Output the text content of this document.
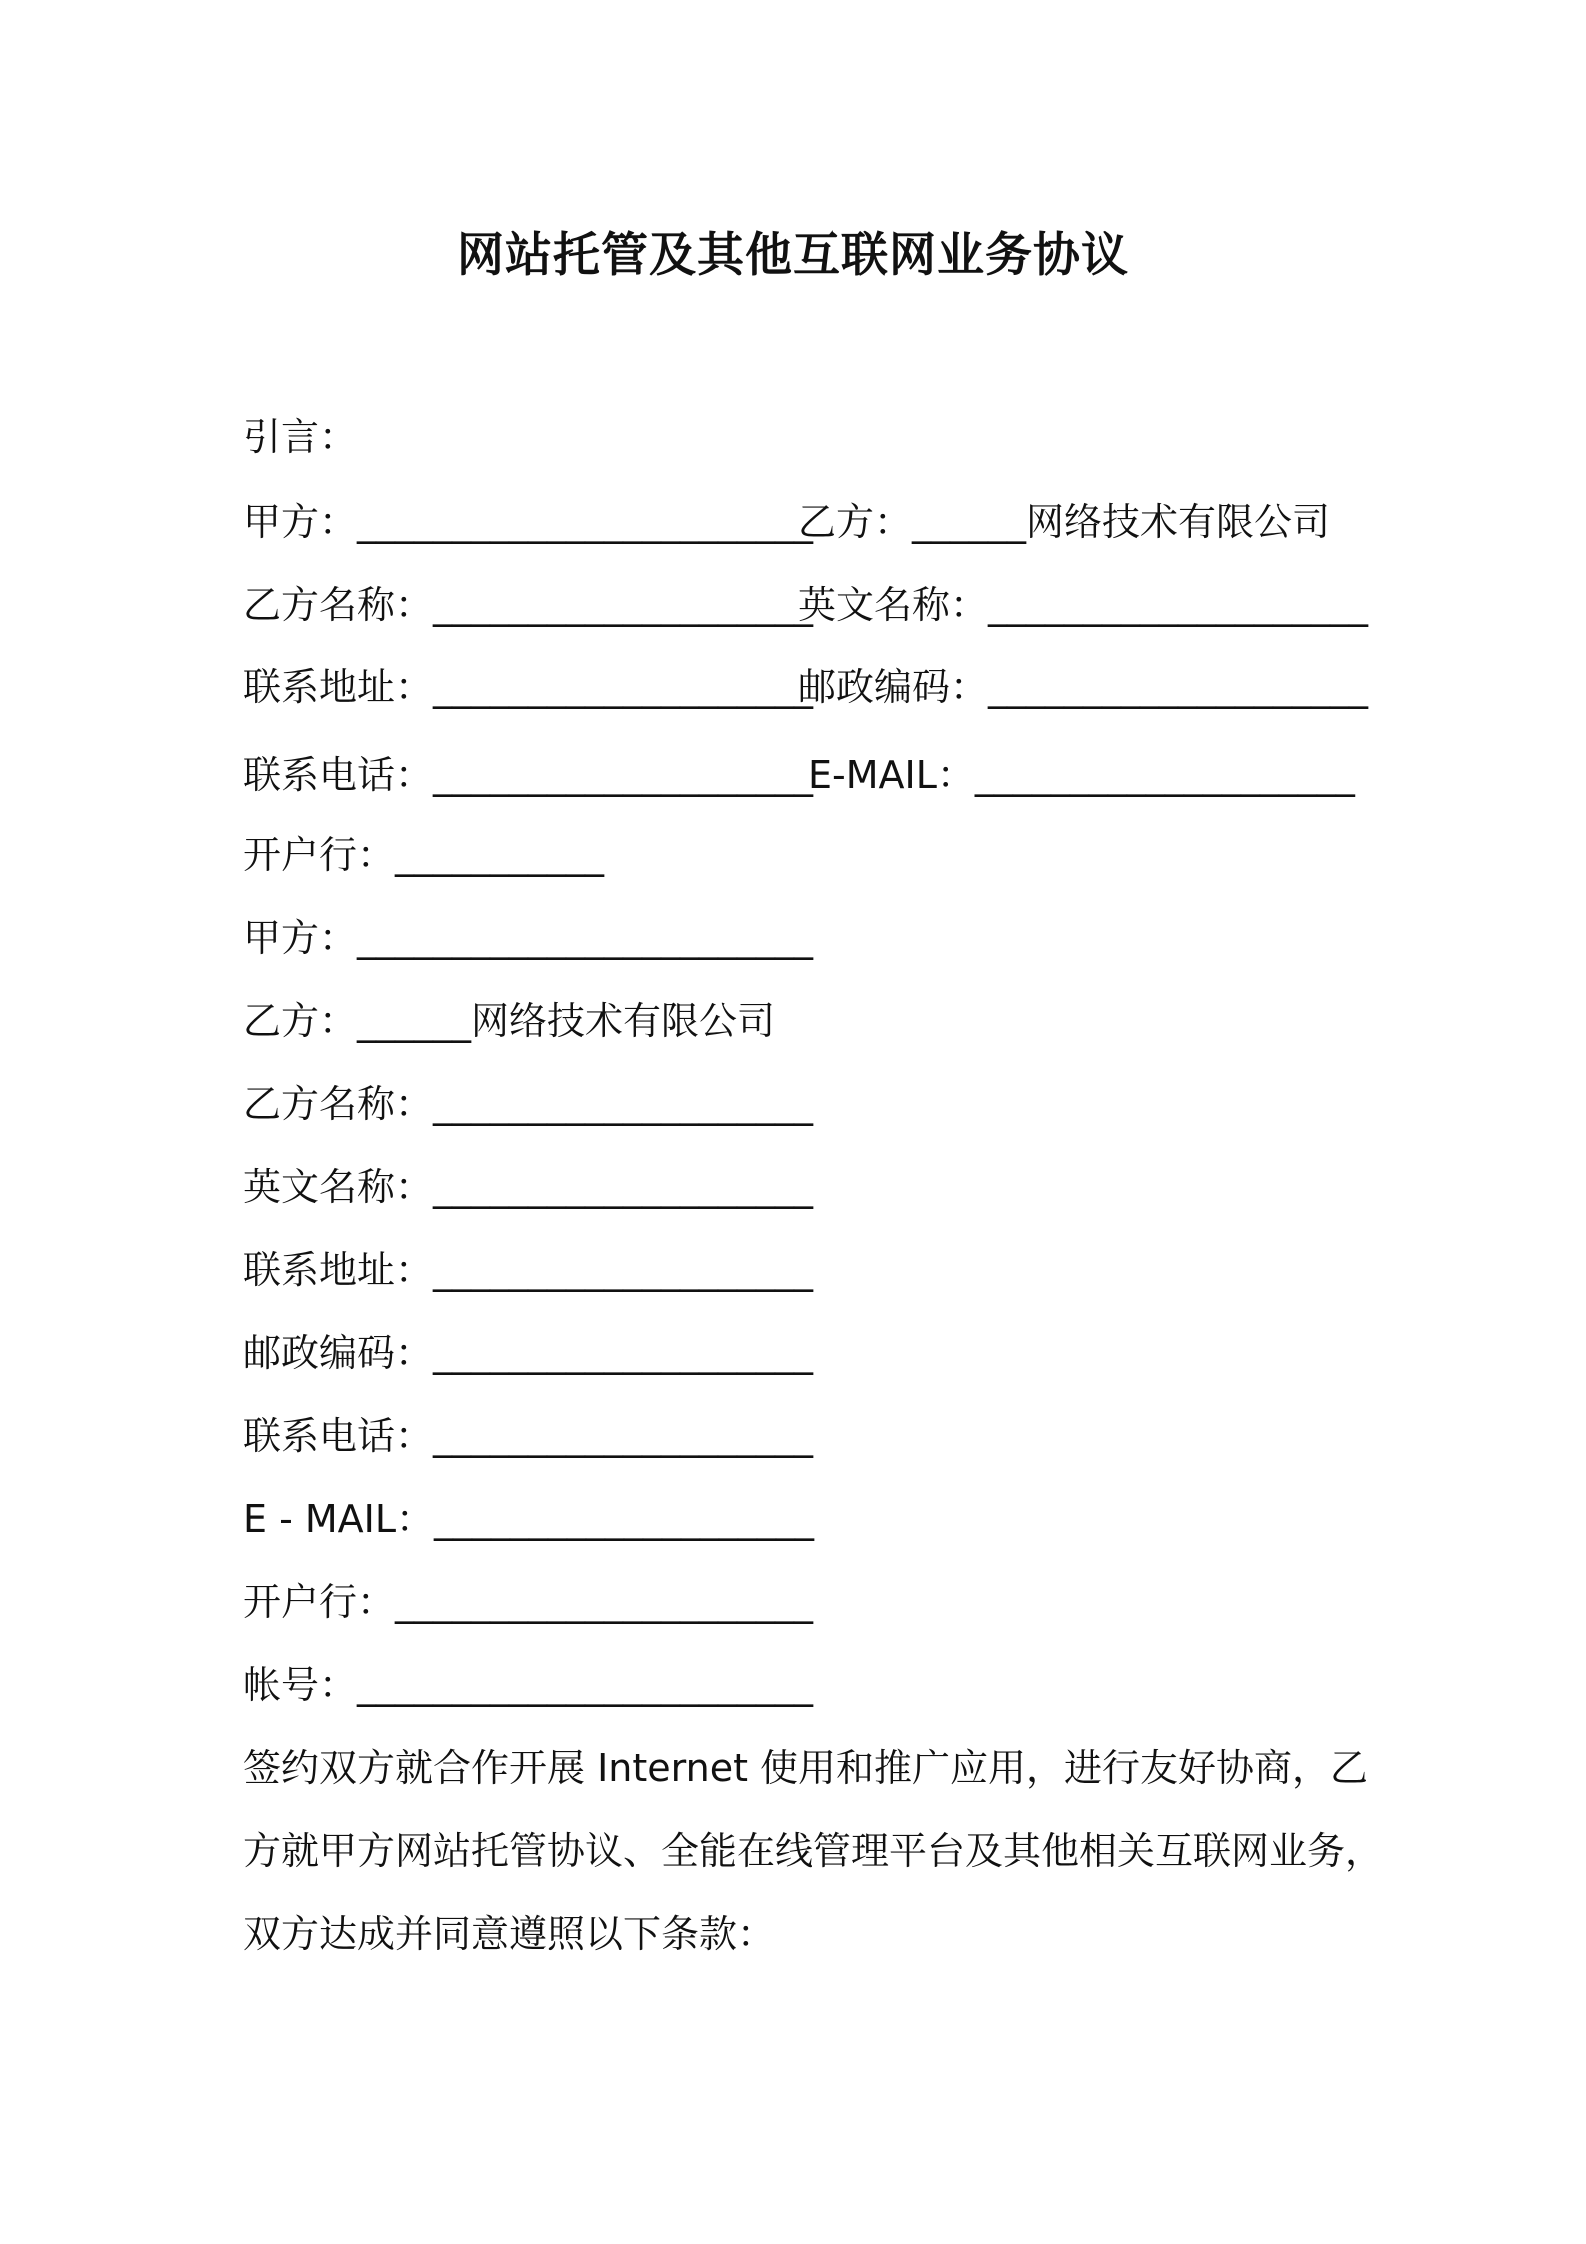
网站托管及其他互联网业务协议
引言：
甲方：________________________
乙方：______网络技术有限公司
乙方名称：____________________
英文名称：____________________
联系地址：____________________
邮政编码：____________________
联系电话：____________________
E-MAIL：____________________
开户行：___________
甲方：________________________
乙方：______网络技术有限公司
乙方名称：____________________
英文名称：____________________
联系地址：____________________
邮政编码：____________________
联系电话：____________________
E - MAIL：____________________
开户行：______________________
帐号：________________________
签约双方就合作开展 Internet 使用和推广应用，进行友好协商，乙
方就甲方网站托管协议、全能在线管理平台及其他相关互联网业务，
双方达成并同意遵照以下条款：
